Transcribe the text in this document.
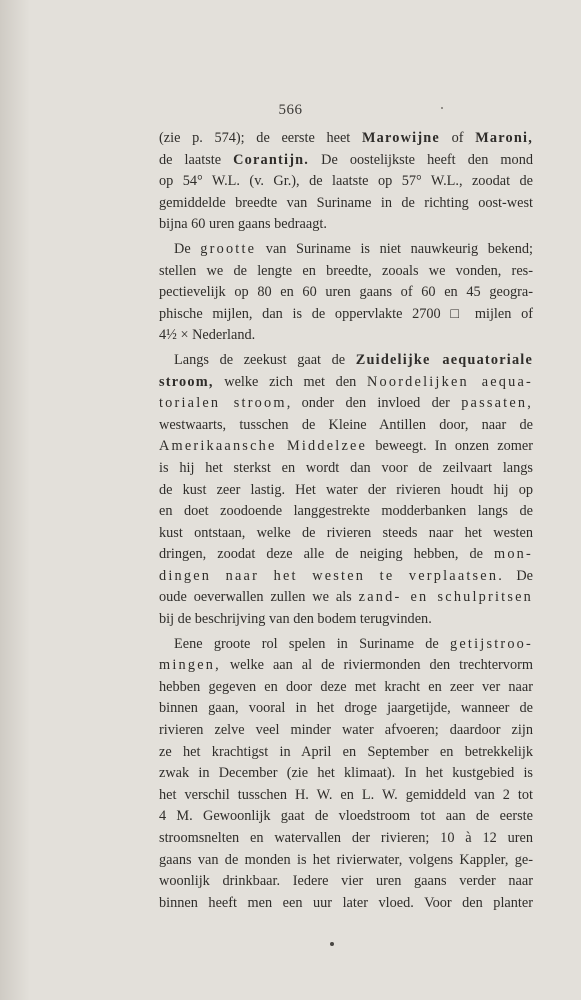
566
(zie p. 574); de eerste heet Marowijne of Maroni,
de laatste Corantijn. De oostelijkste heeft den mond
op 54° W.L. (v. Gr.), de laatste op 57° W.L., zoodat de
gemiddelde breedte van Suriname in de richting oost-west
bijna 60 uren gaans bedraagt.
De grootte van Suriname is niet nauwkeurig bekend;
stellen we de lengte en breedte, zooals we vonden, res-
pectievelijk op 80 en 60 uren gaans of 60 en 45 geogra-
phische mijlen, dan is de oppervlakte 2700 □ mijlen of
4½ × Nederland.
Langs de zeekust gaat de Zuidelijke aequatoriale
stroom, welke zich met den Noordelijken aequa-
torialen stroom, onder den invloed der passaten,
westwaarts, tusschen de Kleine Antillen door, naar de
Amerikaansche Middelzee beweegt. In onzen zomer
is hij het sterkst en wordt dan voor de zeilvaart langs
de kust zeer lastig. Het water der rivieren houdt hij op
en doet zoodoende langgestrekte modderbanken langs de
kust ontstaan, welke de rivieren steeds naar het westen
dringen, zoodat deze alle de neiging hebben, de mon-
dingen naar het westen te verplaatsen. De
oude oeverwallen zullen we als zand- en schulpritsen
bij de beschrijving van den bodem terugvinden.
Eene groote rol spelen in Suriname de getijstroo-
mingen, welke aan al de riviermonden den trechtervorm
hebben gegeven en door deze met kracht en zeer ver naar
binnen gaan, vooral in het droge jaargetijde, wanneer de
rivieren zelve veel minder water afvoeren; daardoor zijn
ze het krachtigst in April en September en betrekkelijk
zwak in December (zie het klimaat). In het kustgebied is
het verschil tusschen H. W. en L. W. gemiddeld van 2 tot
4 M. Gewoonlijk gaat de vloedstroom tot aan de eerste
stroomsnelten en watervallen der rivieren; 10 à 12 uren
gaans van de monden is het rivierwater, volgens Kappler, ge-
woonlijk drinkbaar. Iedere vier uren gaans verder naar
binnen heeft men een uur later vloed. Voor den planter
